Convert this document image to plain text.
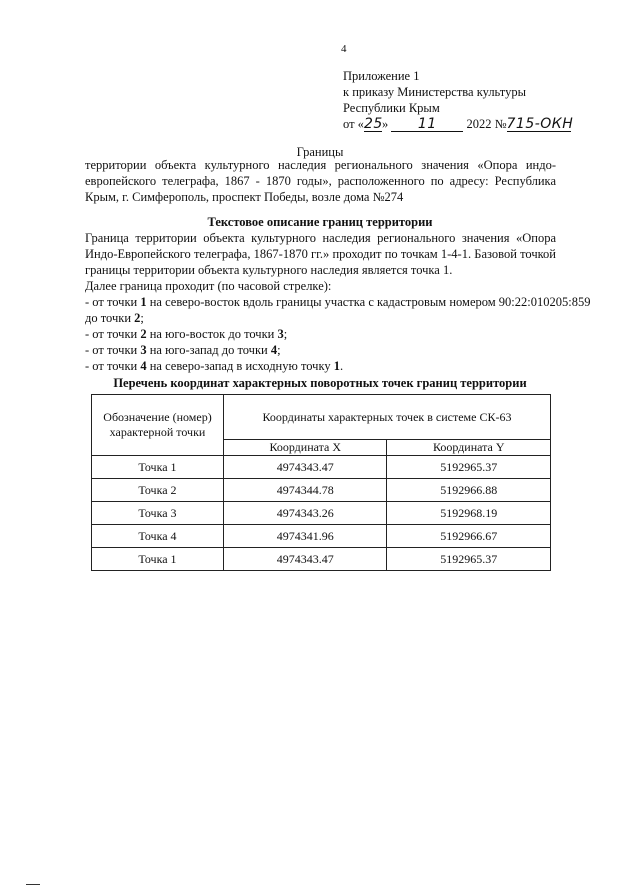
4
Приложение 1
к приказу Министерства культуры
Республики Крым
от «25» 11 2022 №715-ОКН
Границы
территории объекта культурного наследия регионального значения «Опора индо-европейского телеграфа, 1867 - 1870 годы», расположенного по адресу: Республика Крым, г. Симферополь, проспект Победы, возле дома №274
Текстовое описание границ территории
Граница территории объекта культурного наследия регионального значения «Опора Индо-Европейского телеграфа, 1867-1870 гг.» проходит по точкам 1-4-1. Базовой точкой границы территории объекта культурного наследия является точка 1.
Далее граница проходит (по часовой стрелке):
- от точки 1 на северо-восток вдоль границы участка с кадастровым номером 90:22:010205:859
до точки 2;
- от точки 2 на юго-восток до точки 3;
- от точки 3 на юго-запад до точки 4;
- от точки 4 на северо-запад в исходную точку 1.
Перечень координат характерных поворотных точек границ территории
Обозначение (номер) характерной точки	Координаты характерных точек в системе СК-63	
	Координата X	Координата Y
Точка 1	4974343.47	5192965.37
Точка 2	4974344.78	5192966.88
Точка 3	4974343.26	5192968.19
Точка 4	4974341.96	5192966.67
Точка 1	4974343.47	5192965.37
